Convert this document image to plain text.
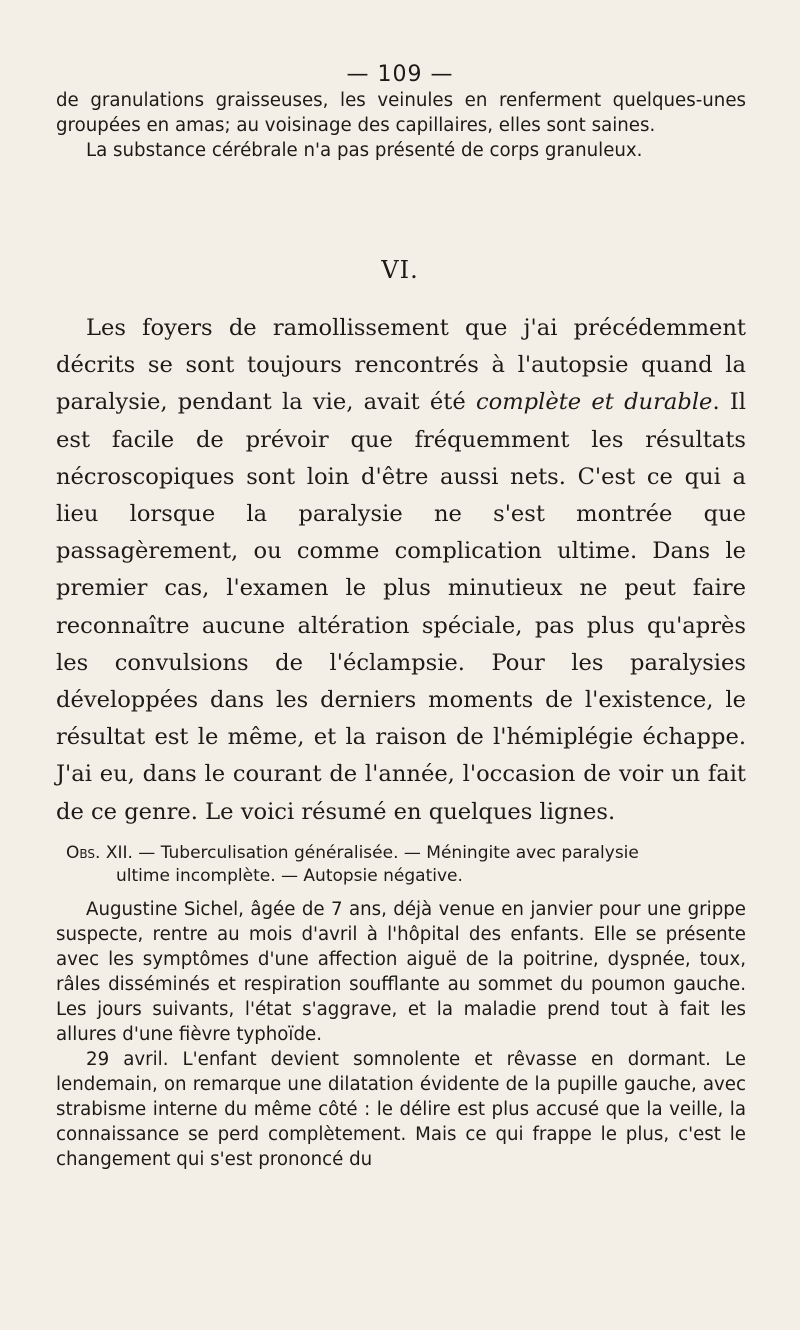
— 109 —

de granulations graisseuses, les veinules en renferment quelques-unes groupées en amas; au voisinage des capillaires, elles sont saines.

La substance cérébrale n'a pas présenté de corps granuleux.

VI.

Les foyers de ramollissement que j'ai précédemment décrits se sont toujours rencontrés à l'autopsie quand la paralysie, pendant la vie, avait été complète et durable. Il est facile de prévoir que fréquemment les résultats nécroscopiques sont loin d'être aussi nets. C'est ce qui a lieu lorsque la paralysie ne s'est montrée que passagèrement, ou comme complication ultime. Dans le premier cas, l'examen le plus minutieux ne peut faire reconnaître aucune altération spéciale, pas plus qu'après les convulsions de l'éclampsie. Pour les paralysies développées dans les derniers moments de l'existence, le résultat est le même, et la raison de l'hémiplégie échappe. J'ai eu, dans le courant de l'année, l'occasion de voir un fait de ce genre. Le voici résumé en quelques lignes.

Obs. XII. — Tuberculisation généralisée. — Méningite avec paralysie
ultime incomplète. — Autopsie négative.

Augustine Sichel, âgée de 7 ans, déjà venue en janvier pour une grippe suspecte, rentre au mois d'avril à l'hôpital des enfants. Elle se présente avec les symptômes d'une affection aiguë de la poitrine, dyspnée, toux, râles disséminés et respiration soufflante au sommet du poumon gauche. Les jours suivants, l'état s'aggrave, et la maladie prend tout à fait les allures d'une fièvre typhoïde.

29 avril. L'enfant devient somnolente et rêvasse en dormant. Le lendemain, on remarque une dilatation évidente de la pupille gauche, avec strabisme interne du même côté : le délire est plus accusé que la veille, la connaissance se perd complètement. Mais ce qui frappe le plus, c'est le changement qui s'est prononcé du
